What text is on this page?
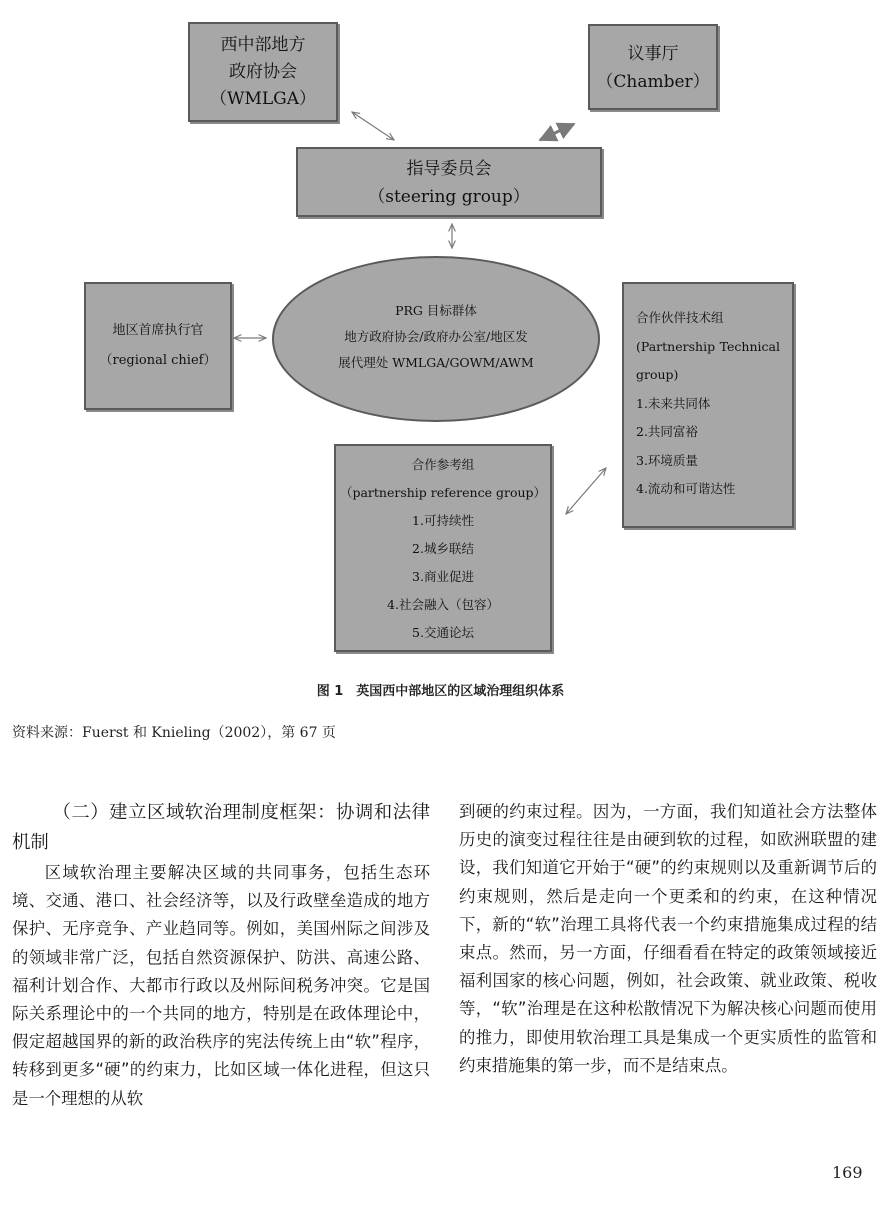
西中部地方
政府协会
（WMLGA）
议事厅
（Chamber）
指导委员会
（steering group）
地区首席执行官
（regional chief）
PRG 目标群体
地方政府协会/政府办公室/地区发
展代理处 WMLGA/GOWM/AWM
合作伙伴技术组
(Partnership Technical
group)
1.未来共同体
2.共同富裕
3.环境质量
4.流动和可谐达性
合作参考组
（partnership reference group）
1.可持续性
2.城乡联结
3.商业促进
4.社会融入（包容）
5.交通论坛
图 1　英国西中部地区的区域治理组织体系
资料来源：Fuerst 和 Knieling（2002），第 67 页
（二）建立区域软治理制度框架：协调和法律机制
区域软治理主要解决区域的共同事务，包括生态环境、交通、港口、社会经济等，以及行政壁垒造成的地方保护、无序竞争、产业趋同等。例如，美国州际之间涉及的领域非常广泛，包括自然资源保护、防洪、高速公路、福利计划合作、大都市行政以及州际间税务冲突。它是国际关系理论中的一个共同的地方，特别是在政体理论中，假定超越国界的新的政治秩序的宪法传统上由“软”程序，转移到更多“硬”的约束力，比如区域一体化进程，但这只是一个理想的从软
到硬的约束过程。因为，一方面，我们知道社会方法整体历史的演变过程往往是由硬到软的过程，如欧洲联盟的建设，我们知道它开始于“硬”的约束规则以及重新调节后的约束规则，然后是走向一个更柔和的约束，在这种情况下，新的“软”治理工具将代表一个约束措施集成过程的结束点。然而，另一方面，仔细看看在特定的政策领域接近福利国家的核心问题，例如，社会政策、就业政策、税收等，“软”治理是在这种松散情况下为解决核心问题而使用的推力，即使用软治理工具是集成一个更实质性的监管和约束措施集的第一步，而不是结束点。
169
